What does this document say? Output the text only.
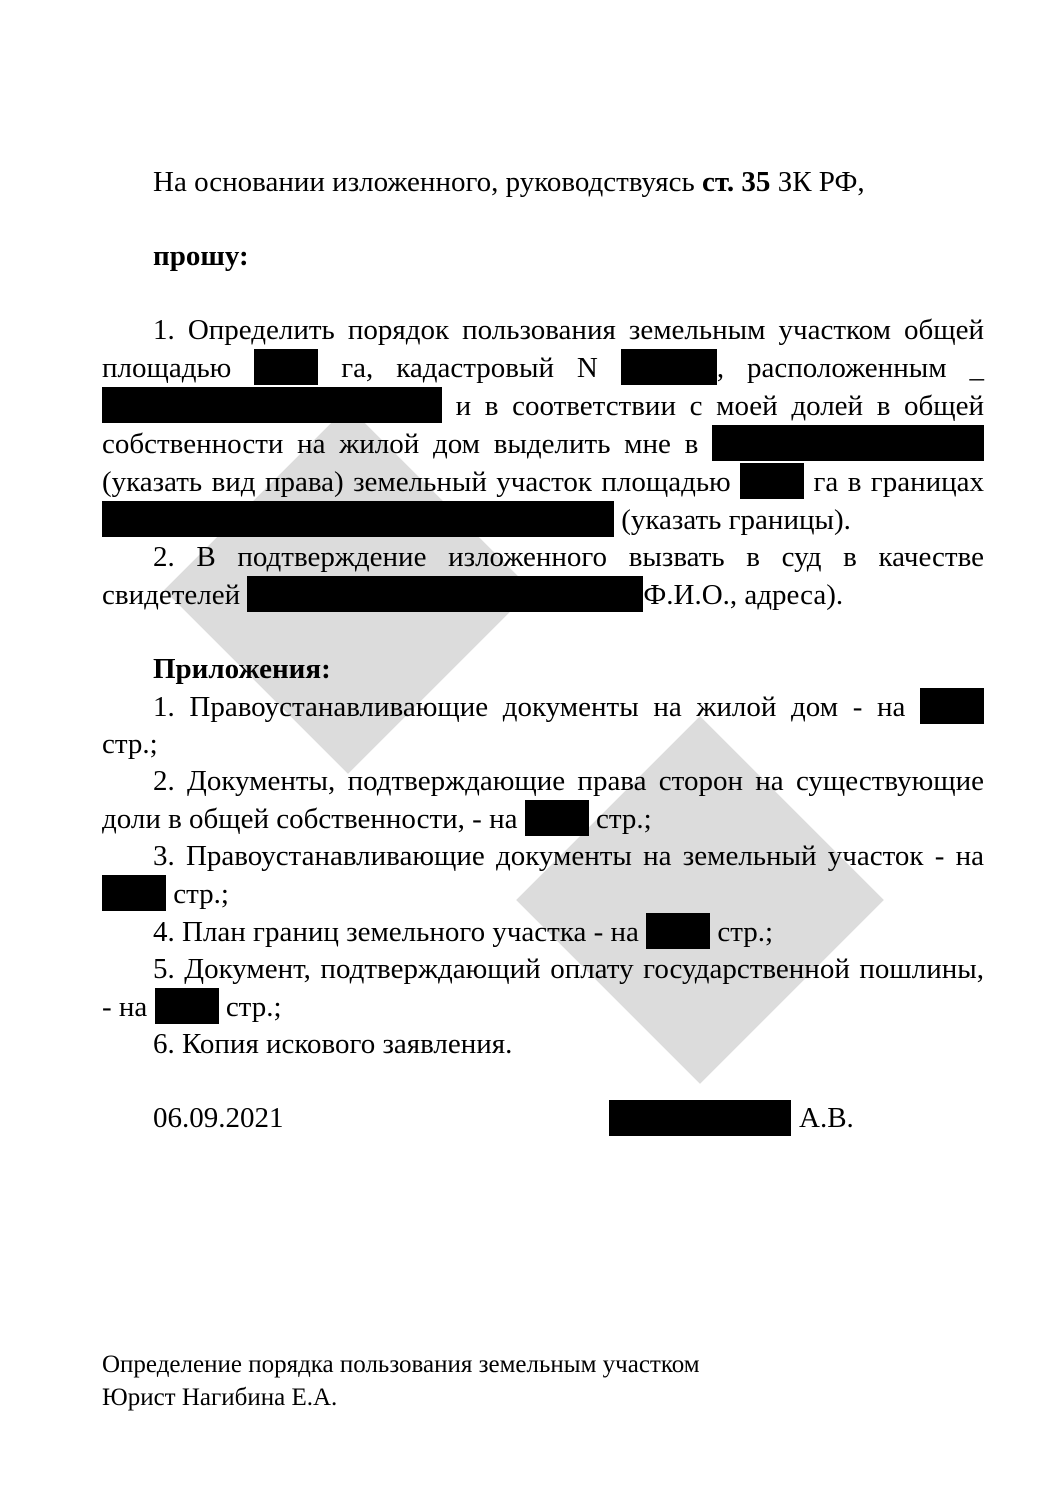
На основании изложенного, руководствуясь ст. 35 ЗК РФ,

прошу:

1. Определить порядок пользования земельным участком общей площадью  га, кадастровый N	, расположенным _ и в соответствии с моей долей в общей собственности на жилой дом выделить мне в (указать вид права) земельный участок площадью  га в границах  (указать границы).

2. В подтверждение изложенного вызвать в суд в качестве свидетелей	Ф.И.О., адреса).

Приложения:

1. Правоустанавливающие документы на жилой дом - на  стр.;

2. Документы, подтверждающие права сторон на существующие доли в общей собственности, - на  стр.;

3. Правоустанавливающие документы на земельный участок - на  стр.;

4. План границ земельного участка - на  стр.;

5. Документ, подтверждающий оплату государственной пошлины, - на  стр.;

6. Копия искового заявления.

06.09.2021	А.В.
Определение порядка пользования земельным участком
Юрист Нагибина Е.А.
